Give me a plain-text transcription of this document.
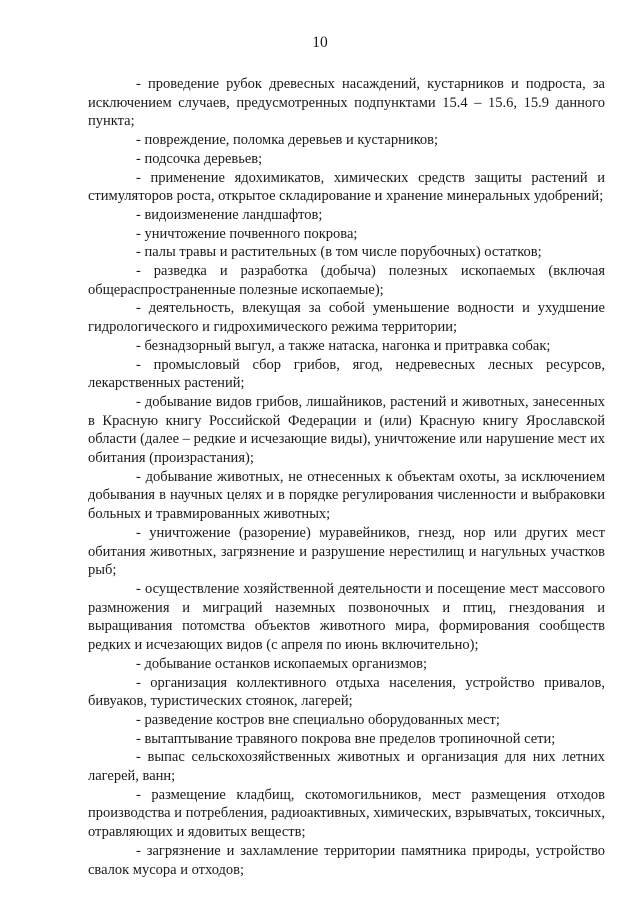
10

- проведение рубок древесных насаждений, кустарников и подроста, за исключением случаев, предусмотренных подпунктами 15.4 – 15.6, 15.9 данного пункта;

- повреждение, поломка деревьев и кустарников;

- подсочка деревьев;

- применение ядохимикатов, химических средств защиты растений и стимуляторов роста, открытое складирование и хранение минеральных удобрений;

- видоизменение ландшафтов;

- уничтожение почвенного покрова;

- палы травы и растительных (в том числе порубочных) остатков;

- разведка и разработка (добыча) полезных ископаемых (включая общераспространенные полезные ископаемые);

- деятельность, влекущая за собой уменьшение водности и ухудшение гидрологического и гидрохимического режима территории;

- безнадзорный выгул, а также натаска, нагонка и притравка собак;

- промысловый сбор грибов, ягод, недревесных лесных ресурсов, лекарственных растений;

- добывание видов грибов, лишайников, растений и животных, занесенных в Красную книгу Российской Федерации и (или) Красную книгу Ярославской области (далее – редкие и исчезающие виды), уничтожение или нарушение мест их обитания (произрастания);

- добывание животных, не отнесенных к объектам охоты, за исключением добывания в научных целях и в порядке регулирования численности и выбраковки больных и травмированных животных;

- уничтожение (разорение) муравейников, гнезд, нор или других мест обитания животных, загрязнение и разрушение нерестилищ и нагульных участков рыб;

- осуществление хозяйственной деятельности и посещение мест массового размножения и миграций наземных позвоночных и птиц, гнездования и выращивания потомства объектов животного мира, формирования сообществ редких и исчезающих видов (с апреля по июнь включительно);

- добывание останков ископаемых организмов;

- организация коллективного отдыха населения, устройство привалов, бивуаков, туристических стоянок, лагерей;

- разведение костров вне специально оборудованных мест;

- вытаптывание травяного покрова вне пределов тропиночной сети;

- выпас сельскохозяйственных животных и организация для них летних лагерей, ванн;

- размещение кладбищ, скотомогильников, мест размещения отходов производства и потребления, радиоактивных, химических, взрывчатых, токсичных, отравляющих и ядовитых веществ;

- загрязнение и захламление территории памятника природы, устройство свалок мусора и отходов;
